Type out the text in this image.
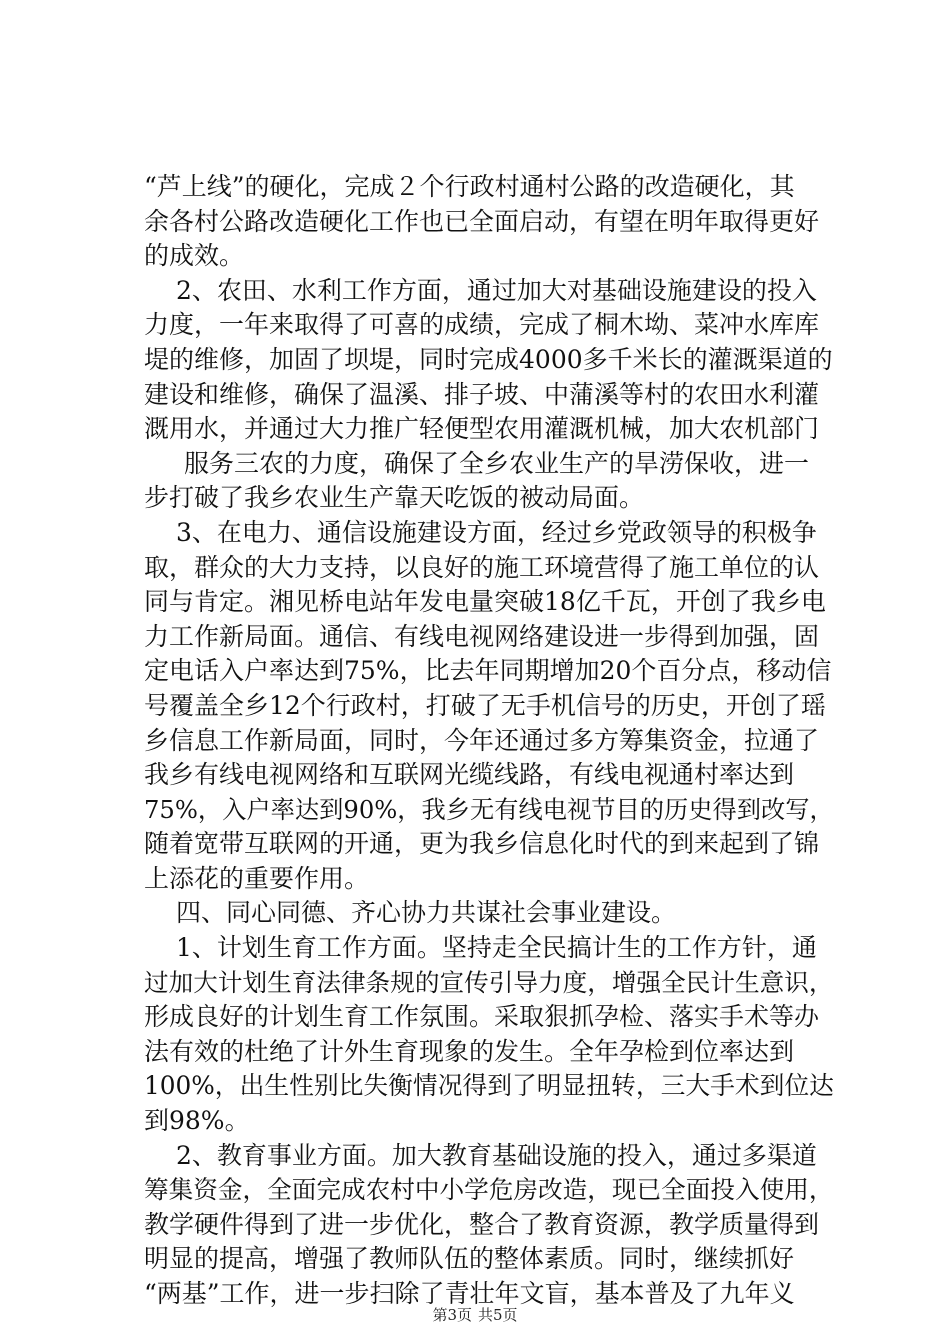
“芦上线”的硬化，完成２个行政村通村公路的改造硬化，其
余各村公路改造硬化工作也已全面启动，有望在明年取得更好
的成效。
2、农田、水利工作方面，通过加大对基础设施建设的投入
力度，一年来取得了可喜的成绩，完成了桐木坳、菜冲水库库
堤的维修，加固了坝堤，同时完成4000多千米长的灌溉渠道的
建设和维修，确保了温溪、排子坡、中蒲溪等村的农田水利灌
溉用水，并通过大力推广轻便型农用灌溉机械，加大农机部门
服务三农的力度，确保了全乡农业生产的旱涝保收，进一
步打破了我乡农业生产靠天吃饭的被动局面。
3、在电力、通信设施建设方面，经过乡党政领导的积极争
取，群众的大力支持，以良好的施工环境营得了施工单位的认
同与肯定。湘见桥电站年发电量突破18亿千瓦，开创了我乡电
力工作新局面。通信、有线电视网络建设进一步得到加强，固
定电话入户率达到75%，比去年同期增加20个百分点，移动信
号覆盖全乡12个行政村，打破了无手机信号的历史，开创了瑶
乡信息工作新局面，同时，今年还通过多方筹集资金，拉通了
我乡有线电视网络和互联网光缆线路，有线电视通村率达到
75%，入户率达到90%，我乡无有线电视节目的历史得到改写，
随着宽带互联网的开通，更为我乡信息化时代的到来起到了锦
上添花的重要作用。
四、同心同德、齐心协力共谋社会事业建设。
1、计划生育工作方面。坚持走全民搞计生的工作方针，通
过加大计划生育法律条规的宣传引导力度，增强全民计生意识，
形成良好的计划生育工作氛围。采取狠抓孕检、落实手术等办
法有效的杜绝了计外生育现象的发生。全年孕检到位率达到
100%，出生性别比失衡情况得到了明显扭转，三大手术到位达
到98%。
2、教育事业方面。加大教育基础设施的投入，通过多渠道
筹集资金，全面完成农村中小学危房改造，现已全面投入使用，
教学硬件得到了进一步优化，整合了教育资源，教学质量得到
明显的提高，增强了教师队伍的整体素质。同时，继续抓好
“两基”工作，进一步扫除了青壮年文盲，基本普及了九年义
第3页 共5页
